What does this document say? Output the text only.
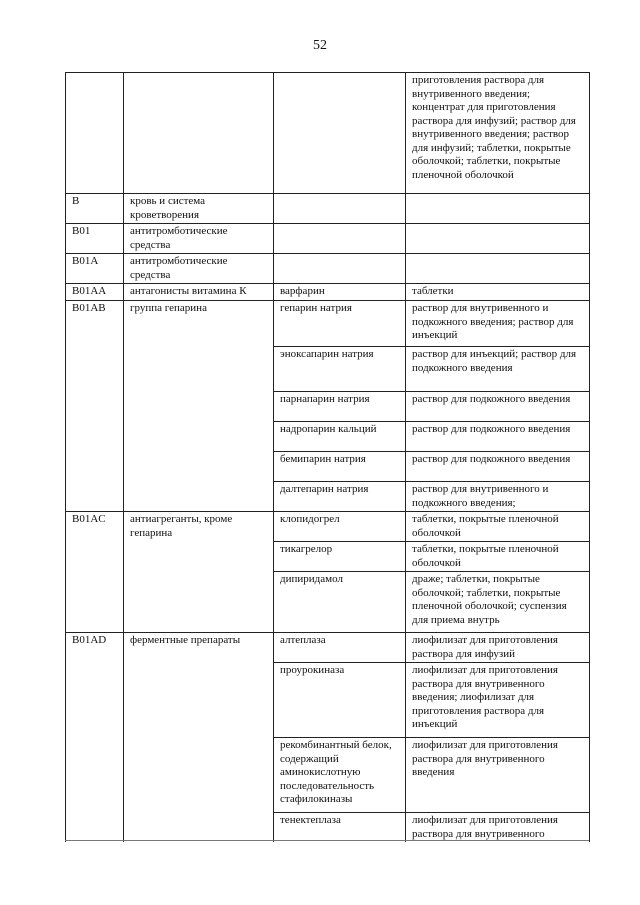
52
			приготовления раствора для внутривенного введения; концентрат для приготовления раствора для инфузий; раствор для внутривенного введения; раствор для инфузий; таблетки, покрытые оболочкой; таблетки, покрытые пленочной оболочкой
B	кровь и система кроветворения		
B01	антитромботические средства		
B01A	антитромботические средства		
B01AA	антагонисты витамина К	варфарин	таблетки
B01AB	группа гепарина	гепарин натрия	раствор для внутривенного и подкожного введения; раствор для инъекций
		эноксапарин натрия	раствор для инъекций; раствор для подкожного введения
		парнапарин натрия	раствор для подкожного введения
		надропарин кальций	раствор для подкожного введения
		бемипарин натрия	раствор для подкожного введения
		далтепарин натрия	раствор для внутривенного и подкожного введения;
B01AC	антиагреганты, кроме гепарина	клопидогрел	таблетки, покрытые пленочной оболочкой
		тикагрелор	таблетки, покрытые пленочной оболочкой
		дипиридамол	драже; таблетки, покрытые оболочкой; таблетки, покрытые пленочной оболочкой; суспензия для приема внутрь
B01AD	ферментные препараты	алтеплаза	лиофилизат для приготовления раствора для инфузий
		проурокиназа	лиофилизат для приготовления раствора для внутривенного введения; лиофилизат для приготовления раствора для инъекций
		рекомбинантный белок, содержащий аминокислотную последовательность стафилокиназы	лиофилизат для приготовления раствора для внутривенного введения
		тенектеплаза	лиофилизат для приготовления раствора для внутривенного
